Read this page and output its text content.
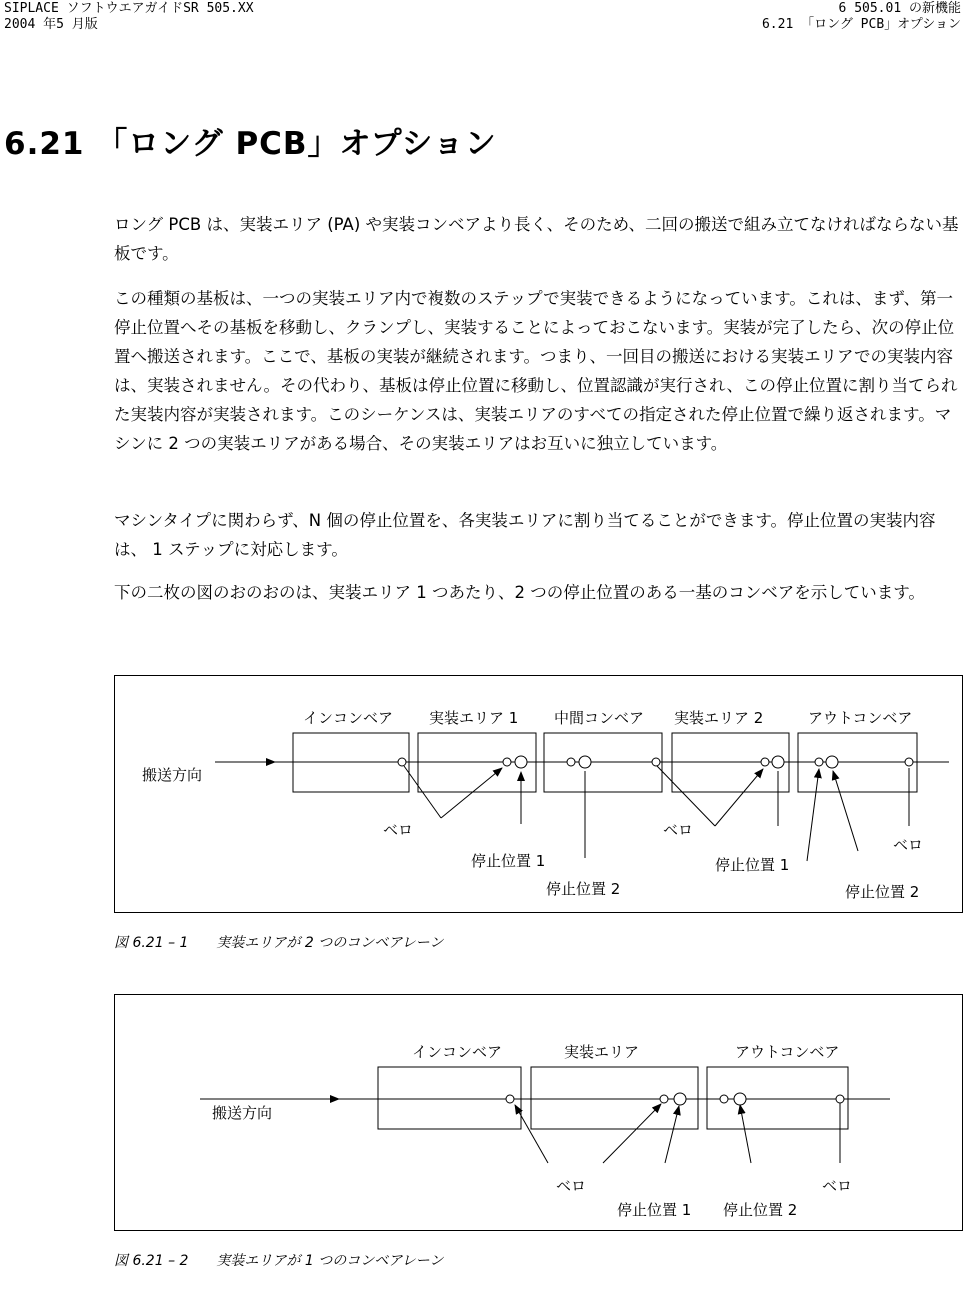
SIPLACE ソフトウエアガイドSR 505.XX
2004 年5 月版
6 505.01 の新機能
6.21 「ロング PCB」オプション
6.21 「ロング PCB」オプション

ロング PCB は、実装エリア (PA) や実装コンベアより長く、そのため、二回の搬送で組み立てなければならない基板です。

この種類の基板は、一つの実装エリア内で複数のステップで実装できるようになっています。これは、まず、第一停止位置へその基板を移動し、クランプし、実装することによっておこないます。実装が完了したら、次の停止位置へ搬送されます。ここで、基板の実装が継続されます。つまり、一回目の搬送における実装エリアでの実装内容は、実装されません。その代わり、基板は停止位置に移動し、位置認識が実行され、この停止位置に割り当てられた実装内容が実装されます。このシーケンスは、実装エリアのすべての指定された停止位置で繰り返されます。マシンに 2 つの実装エリアがある場合、その実装エリアはお互いに独立しています。

マシンタイプに関わらず、N 個の停止位置を、各実装エリアに割り当てることができます。停止位置の実装内容は、 1 ステップに対応します。

下の二枚の図のおのおのは、実装エリア 1 つあたり、2 つの停止位置のある一基のコンベアを示しています。

インコンベア 実装エリア 1 中間コンベア 実装エリア 2	アウトコンベア
搬送方向
ベロ	ベロ
ベロ
停止位置 1
停止位置 2
停止位置 1
停止位置 2
図 6.21 – 1　　実装エリアが 2 つのコンベアレーン
インコンベア	実装エリア	アウトコンベア
搬送方向
ベロ	ベロ
停止位置 1 停止位置 2
図 6.21 – 2　　実装エリアが 1 つのコンベアレーン
